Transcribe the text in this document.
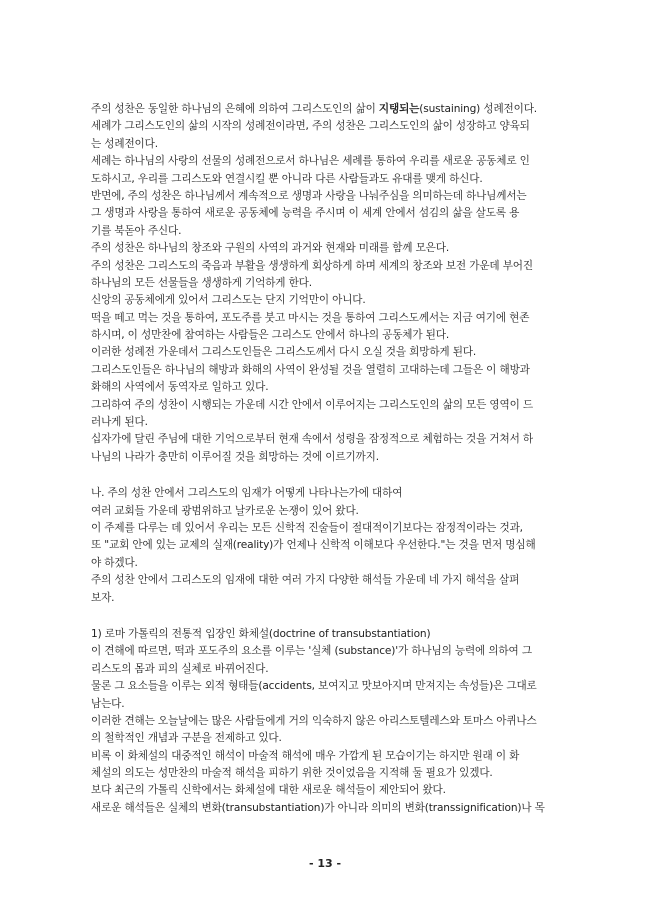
주의 성찬은 동일한 하나님의 은혜에 의하여 그리스도인의 삶이 지탱되는(sustaining) 성례전이다.
세례가 그리스도인의 삶의 시작의 성례전이라면, 주의 성찬은 그리스도인의 삶이 성장하고 양육되
는 성례전이다.
세례는 하나님의 사랑의 선물의 성례전으로서 하나님은 세례를 통하여 우리를 새로운 공동체로 인
도하시고, 우리를 그리스도와 연결시킬 뿐 아니라 다른 사람들과도 유대를 맺게 하신다.
반면에, 주의 성찬은 하나님께서 계속적으로 생명과 사랑을 나눠주심을 의미하는데 하나님께서는
그 생명과 사랑을 통하여 새로운 공동체에 능력을 주시며 이 세계 안에서 섬김의 삶을 살도록 용
기를 북돋아 주신다.
주의 성찬은 하나님의 창조와 구원의 사역의 과거와 현재와 미래를 함께 모은다.
주의 성찬은 그리스도의 죽음과 부활을 생생하게 회상하게 하며 세계의 창조와 보전 가운데 부어진
하나님의 모든 선물들을 생생하게 기억하게 한다.
신앙의 공동체에게 있어서 그리스도는 단지 기억만이 아니다.
떡을 떼고 먹는 것을 통하여, 포도주를 붓고 마시는 것을 통하여 그리스도께서는 지금 여기에 현존
하시며, 이 성만찬에 참여하는 사람들은 그리스도 안에서 하나의 공동체가 된다.
이러한 성례전 가운데서 그리스도인들은 그리스도께서 다시 오실 것을 희망하게 된다.
그리스도인들은 하나님의 해방과 화해의 사역이 완성될 것을 열렬히 고대하는데 그들은 이 해방과
화해의 사역에서 동역자로 일하고 있다.
그리하여 주의 성찬이 시행되는 가운데 시간 안에서 이루어지는 그리스도인의 삶의 모든 영역이 드
러나게 된다.
십자가에 달린 주님에 대한 기억으로부터 현재 속에서 성령을 잠정적으로 체험하는 것을 거쳐서 하
나님의 나라가 충만히 이루어질 것을 희망하는 것에 이르기까지.
나. 주의 성찬 안에서 그리스도의 임재가 어떻게 나타나는가에 대하여
여러 교회들 가운데 광범위하고 날카로운 논쟁이 있어 왔다.
이 주제를 다루는 데 있어서 우리는 모든 신학적 진술들이 절대적이기보다는 잠정적이라는 것과,
또 "교회 안에 있는 교제의 실재(reality)가 언제나 신학적 이해보다 우선한다."는 것을 먼저 명심해
야 하겠다.
주의 성찬 안에서 그리스도의 임재에 대한 여러 가지 다양한 해석들 가운데 네 가지 해석을 살펴
보자.
1) 로마 가톨릭의 전통적 입장인 화체설(doctrine of transubstantiation)
이 견해에 따르면, 떡과 포도주의 요소를 이루는 '실체 (substance)'가 하나님의 능력에 의하여 그
리스도의 몸과 피의 실체로 바뀌어진다.
물론 그 요소들을 이루는 외적 형태들(accidents, 보여지고 맛보아지며 만져지는 속성들)은 그대로
남는다.
이러한 견해는 오늘날에는 많은 사람들에게 거의 익숙하지 않은 아리스토텔레스와 토마스 아퀴나스
의 철학적인 개념과 구분을 전제하고 있다.
비록 이 화체설의 대중적인 해석이 마술적 해석에 매우 가깝게 된 모습이기는 하지만 원래 이 화
체설의 의도는 성만찬의 마술적 해석을 피하기 위한 것이었음을 지적해 둘 필요가 있겠다.
보다 최근의 가톨릭 신학에서는 화체설에 대한 새로운 해석들이 제안되어 왔다.
새로운 해석들은 실체의 변화(transubstantiation)가 아니라 의미의 변화(transsignification)나 목
- 13 -
